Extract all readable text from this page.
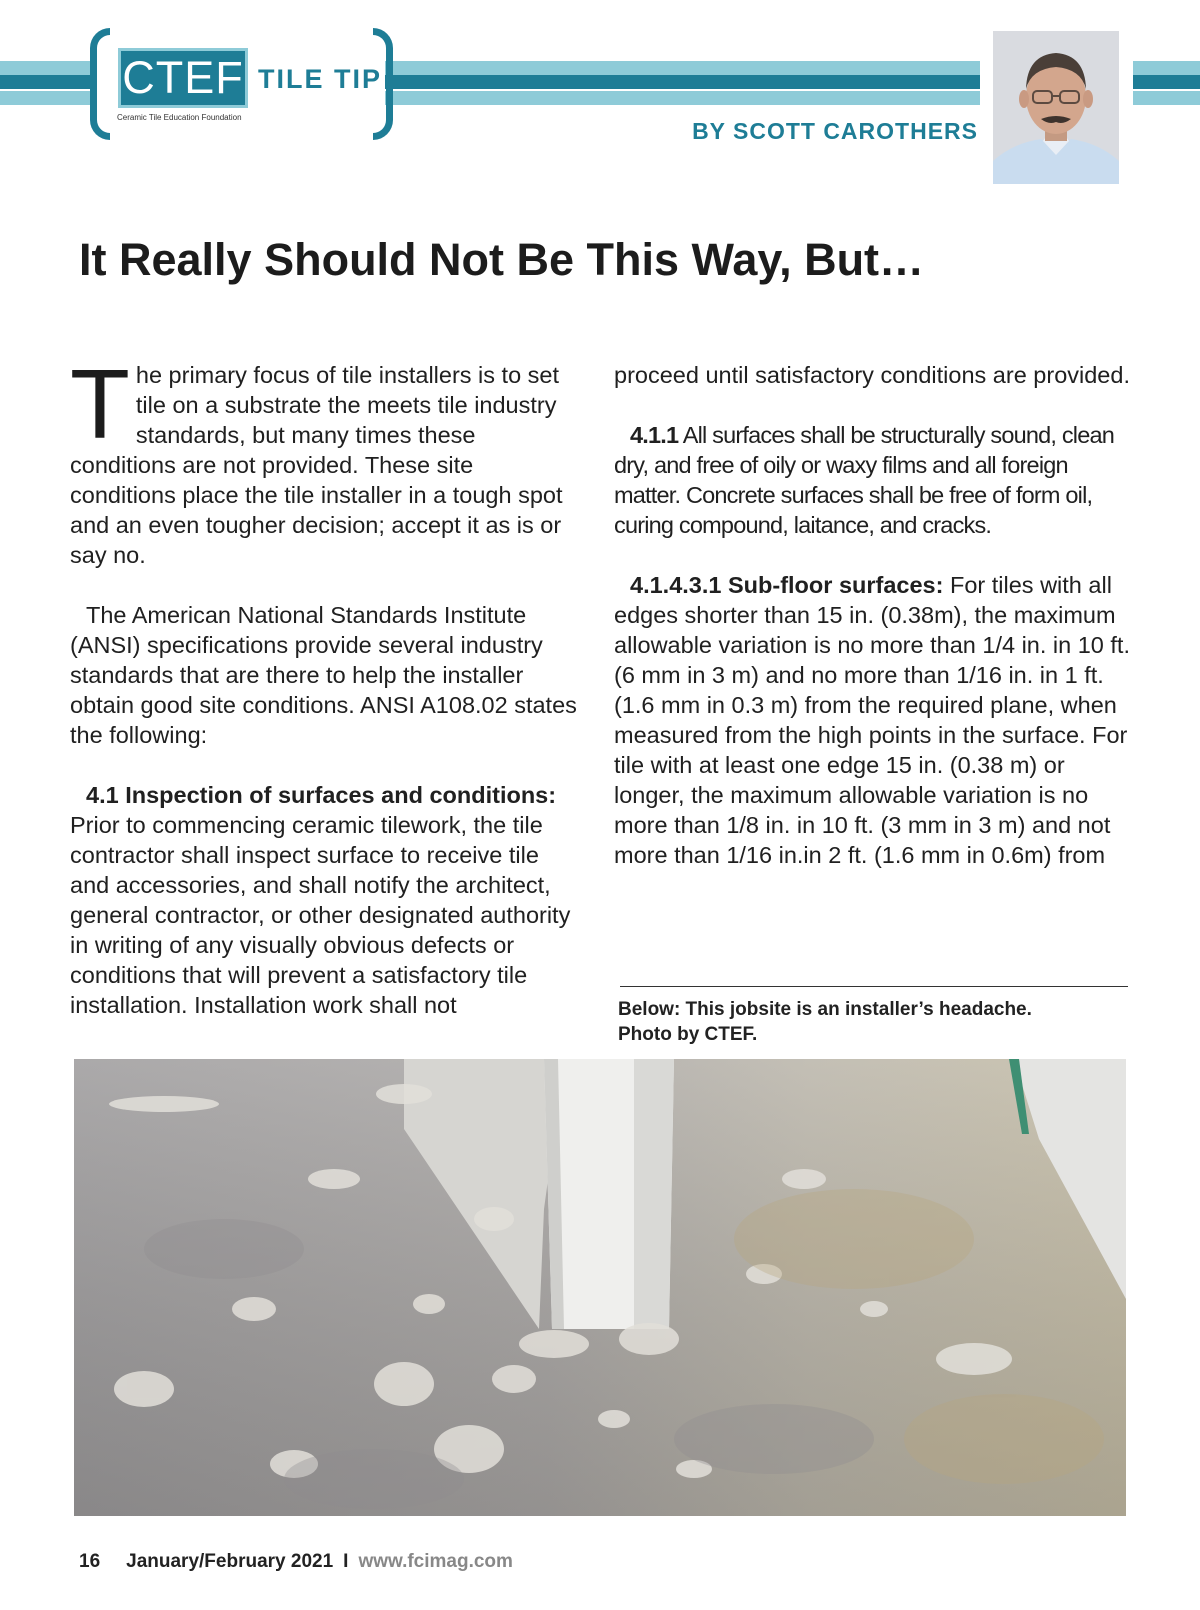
CTEF
Ceramic Tile Education Foundation
TILE TIP
BY SCOTT CAROTHERS
It Really Should Not Be This Way, But…

The primary focus of tile installers is to set tile on a substrate the meets tile industry standards, but many times these conditions are not provided. These site conditions place the tile installer in a tough spot and an even tougher decision; accept it as is or say no.

The American National Standards Institute (ANSI) specifications provide several industry standards that are there to help the installer obtain good site conditions. ANSI A108.02 states the following:

4.1 Inspection of surfaces and conditions: Prior to commencing ceramic tilework, the tile contractor shall inspect surface to receive tile and accessories, and shall notify the architect, general contractor, or other designated authority in writing of any visually obvious defects or conditions that will prevent a satisfactory tile installation. Installation work shall not

proceed until satisfactory conditions are provided.

4.1.1 All surfaces shall be structurally sound, clean dry, and free of oily or waxy films and all foreign matter. Concrete surfaces shall be free of form oil, curing compound, laitance, and cracks.

4.1.4.3.1 Sub-floor surfaces: For tiles with all edges shorter than 15 in. (0.38m), the maximum allowable variation is no more than 1/4 in. in 10 ft. (6 mm in 3 m) and no more than 1/16 in. in 1 ft. (1.6 mm in 0.3 m) from the required plane, when measured from the high points in the surface. For tile with at least one edge 15 in. (0.38 m) or longer, the maximum allowable variation is no more than 1/8 in. in 10 ft. (3 mm in 3 m) and not more than 1/16 in.in 2 ft. (1.6 mm in 0.6m) from

Below: This jobsite is an installer’s headache.
Photo by CTEF.
16 January/February 2021 I www.fcimag.com
